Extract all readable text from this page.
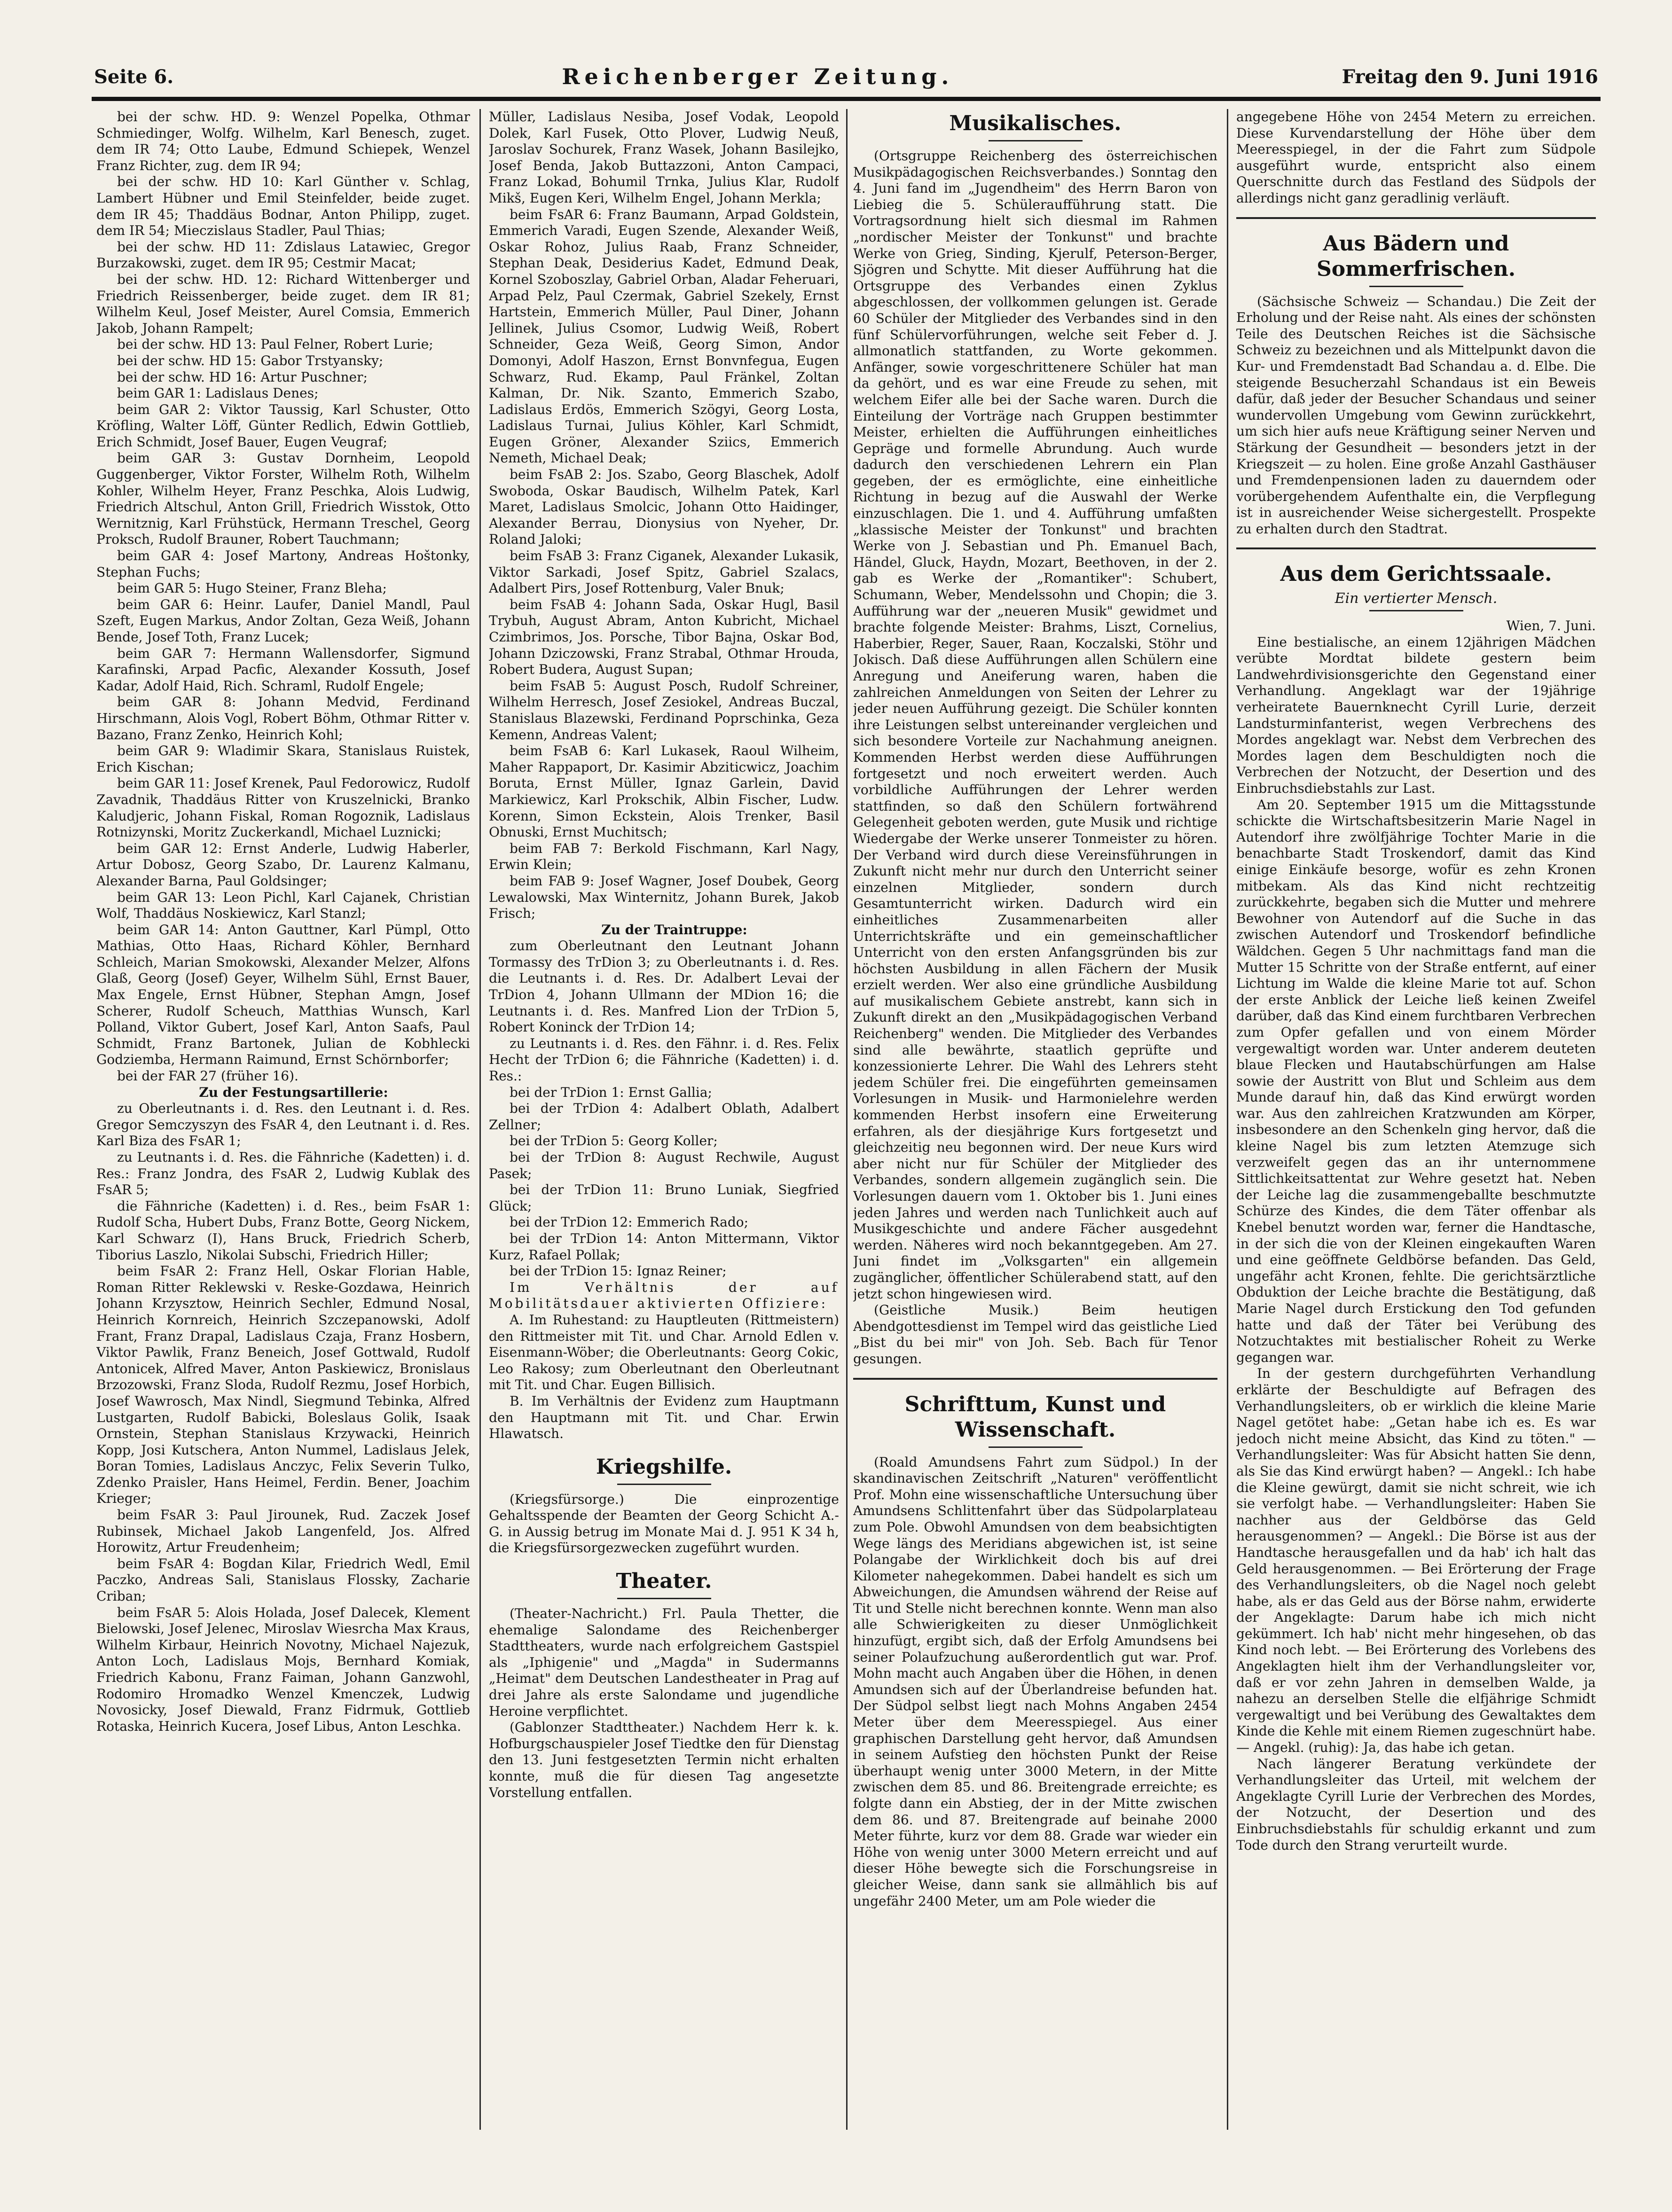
Seite 6.	Reichenberger Zeitung.	Freitag den 9. Juni 1916

bei der schw. HD. 9: Wenzel Popelka, Othmar Schmiedinger, Wolfg. Wilhelm, Karl Benesch, zuget. dem IR 74; Otto Laube, Edmund Schiepek, Wenzel Franz Richter, zug. dem IR 94;

bei der schw. HD 10: Karl Günther v. Schlag, Lambert Hübner und Emil Steinfelder, beide zuget. dem IR 45; Thaddäus Bodnar, Anton Philipp, zuget. dem IR 54; Mieczislaus Stadler, Paul Thias;

bei der schw. HD 11: Zdislaus Latawiec, Gregor Burzakowski, zuget. dem IR 95; Cestmir Macat;

bei der schw. HD. 12: Richard Wittenberger und Friedrich Reissenberger, beide zuget. dem IR 81; Wilhelm Keul, Josef Meister, Aurel Comsia, Emmerich Jakob, Johann Rampelt;

bei der schw. HD 13: Paul Felner, Robert Lurie;

bei der schw. HD 15: Gabor Trstyansky;

bei der schw. HD 16: Artur Puschner;

beim GAR 1: Ladislaus Denes;

beim GAR 2: Viktor Taussig, Karl Schuster, Otto Kröfling, Walter Löff, Günter Redlich, Edwin Gottlieb, Erich Schmidt, Josef Bauer, Eugen Veugraf;

beim GAR 3: Gustav Dornheim, Leopold Guggenberger, Viktor Forster, Wilhelm Roth, Wilhelm Kohler, Wilhelm Heyer, Franz Peschka, Alois Ludwig, Friedrich Altschul, Anton Grill, Friedrich Wisstok, Otto Wernitznig, Karl Frühstück, Hermann Treschel, Georg Proksch, Rudolf Brauner, Robert Tauchmann;

beim GAR 4: Josef Martony, Andreas Hoštonky, Stephan Fuchs;

beim GAR 5: Hugo Steiner, Franz Bleha;

beim GAR 6: Heinr. Laufer, Daniel Mandl, Paul Szeft, Eugen Markus, Andor Zoltan, Geza Weiß, Johann Bende, Josef Toth, Franz Lucek;

beim GAR 7: Hermann Wallensdorfer, Sigmund Karafinski, Arpad Pacfic, Alexander Kossuth, Josef Kadar, Adolf Haid, Rich. Schraml, Rudolf Engele;

beim GAR 8: Johann Medvid, Ferdinand Hirschmann, Alois Vogl, Robert Böhm, Othmar Ritter v. Bazano, Franz Zenko, Heinrich Kohl;

beim GAR 9: Wladimir Skara, Stanislaus Ruistek, Erich Kischan;

beim GAR 11: Josef Krenek, Paul Fedorowicz, Rudolf Zavadnik, Thaddäus Ritter von Kruszelnicki, Branko Kaludjeric, Johann Fiskal, Roman Rogoznik, Ladislaus Rotnizynski, Moritz Zuckerkandl, Michael Luznicki;

beim GAR 12: Ernst Anderle, Ludwig Haberler, Artur Dobosz, Georg Szabo, Dr. Laurenz Kalmanu, Alexander Barna, Paul Goldsinger;

beim GAR 13: Leon Pichl, Karl Cajanek, Christian Wolf, Thaddäus Noskiewicz, Karl Stanzl;

beim GAR 14: Anton Gauttner, Karl Pümpl, Otto Mathias, Otto Haas, Richard Köhler, Bernhard Schleich, Marian Smokowski, Alexander Melzer, Alfons Glaß, Georg (Josef) Geyer, Wilhelm Sühl, Ernst Bauer, Max Engele, Ernst Hübner, Stephan Amgn, Josef Scherer, Rudolf Scheuch, Matthias Wunsch, Karl Polland, Viktor Gubert, Josef Karl, Anton Saafs, Paul Schmidt, Franz Bartonek, Julian de Kobhlecki Godziemba, Hermann Raimund, Ernst Schörnborfer;

bei der FAR 27 (früher 16).

Zu der Festungsartillerie:

zu Oberleutnants i. d. Res. den Leutnant i. d. Res. Gregor Semczyszyn des FsAR 4, den Leutnant i. d. Res. Karl Biza des FsAR 1;

zu Leutnants i. d. Res. die Fähnriche (Kadetten) i. d. Res.: Franz Jondra, des FsAR 2, Ludwig Kublak des FsAR 5;

die Fähnriche (Kadetten) i. d. Res., beim FsAR 1: Rudolf Scha, Hubert Dubs, Franz Botte, Georg Nickem, Karl Schwarz (I), Hans Bruck, Friedrich Scherb, Tiborius Laszlo, Nikolai Subschi, Friedrich Hiller;

beim FsAR 2: Franz Hell, Oskar Florian Hable, Roman Ritter Reklewski v. Reske-Gozdawa, Heinrich Johann Krzysztow, Heinrich Sechler, Edmund Nosal, Heinrich Kornreich, Heinrich Szczepanowski, Adolf Frant, Franz Drapal, Ladislaus Czaja, Franz Hosbern, Viktor Pawlik, Franz Beneich, Josef Gottwald, Rudolf Antonicek, Alfred Maver, Anton Paskiewicz, Bronislaus Brzozowski, Franz Sloda, Rudolf Rezmu, Josef Horbich, Josef Wawrosch, Max Nindl, Siegmund Tebinka, Alfred Lustgarten, Rudolf Babicki, Boleslaus Golik, Isaak Ornstein, Stephan Stanislaus Krzywacki, Heinrich Kopp, Josi Kutschera, Anton Nummel, Ladislaus Jelek, Boran Tomies, Ladislaus Anczyc, Felix Severin Tulko, Zdenko Praisler, Hans Heimel, Ferdin. Bener, Joachim Krieger;

beim FsAR 3: Paul Jirounek, Rud. Zaczek Josef Rubinsek, Michael Jakob Langenfeld, Jos. Alfred Horowitz, Artur Freudenheim;

beim FsAR 4: Bogdan Kilar, Friedrich Wedl, Emil Paczko, Andreas Sali, Stanislaus Flossky, Zacharie Criban;

beim FsAR 5: Alois Holada, Josef Dalecek, Klement Bielowski, Josef Jelenec, Miroslav Wiesrcha Max Kraus, Wilhelm Kirbaur, Heinrich Novotny, Michael Najezuk, Anton Loch, Ladislaus Mojs, Bernhard Komiak, Friedrich Kabonu, Franz Faiman, Johann Ganzwohl, Rodomiro Hromadko Wenzel Kmenczek, Ludwig Novosicky, Josef Diewald, Franz Fidrmuk, Gottlieb Rotaska, Heinrich Kucera, Josef Libus, Anton Leschka.

Müller, Ladislaus Nesiba, Josef Vodak, Leopold Dolek, Karl Fusek, Otto Plover, Ludwig Neuß, Jaroslav Sochurek, Franz Wasek, Johann Basilejko, Josef Benda, Jakob Buttazzoni, Anton Campaci, Franz Lokad, Bohumil Trnka, Julius Klar, Rudolf Mikš, Eugen Keri, Wilhelm Engel, Johann Merkla;

beim FsAR 6: Franz Baumann, Arpad Goldstein, Emmerich Varadi, Eugen Szende, Alexander Weiß, Oskar Rohoz, Julius Raab, Franz Schneider, Stephan Deak, Desiderius Kadet, Edmund Deak, Kornel Szoboszlay, Gabriel Orban, Aladar Feheruari, Arpad Pelz, Paul Czermak, Gabriel Szekely, Ernst Hartstein, Emmerich Müller, Paul Diner, Johann Jellinek, Julius Csomor, Ludwig Weiß, Robert Schneider, Geza Weiß, Georg Simon, Andor Domonyi, Adolf Haszon, Ernst Bonvnfegua, Eugen Schwarz, Rud. Ekamp, Paul Fränkel, Zoltan Kalman, Dr. Nik. Szanto, Emmerich Szabo, Ladislaus Erdös, Emmerich Szögyi, Georg Losta, Ladislaus Turnai, Julius Köhler, Karl Schmidt, Eugen Gröner, Alexander Sziics, Emmerich Nemeth, Michael Deak;

beim FsAB 2: Jos. Szabo, Georg Blaschek, Adolf Swoboda, Oskar Baudisch, Wilhelm Patek, Karl Maret, Ladislaus Smolcic, Johann Otto Haidinger, Alexander Berrau, Dionysius von Nyeher, Dr. Roland Jaloki;

beim FsAB 3: Franz Ciganek, Alexander Lukasik, Viktor Sarkadi, Josef Spitz, Gabriel Szalacs, Adalbert Pirs, Josef Rottenburg, Valer Bnuk;

beim FsAB 4: Johann Sada, Oskar Hugl, Basil Trybuh, August Abram, Anton Kubricht, Michael Czimbrimos, Jos. Porsche, Tibor Bajna, Oskar Bod, Johann Dziczowski, Franz Strabal, Othmar Hrouda, Robert Budera, August Supan;

beim FsAB 5: August Posch, Rudolf Schreiner, Wilhelm Herresch, Josef Zesiokel, Andreas Buczal, Stanislaus Blazewski, Ferdinand Poprschinka, Geza Kemenn, Andreas Valent;

beim FsAB 6: Karl Lukasek, Raoul Wilheim, Maher Rappaport, Dr. Kasimir Abziticwicz, Joachim Boruta, Ernst Müller, Ignaz Garlein, David Markiewicz, Karl Prokschik, Albin Fischer, Ludw. Korenn, Simon Eckstein, Alois Trenker, Basil Obnuski, Ernst Muchitsch;

beim FAB 7: Berkold Fischmann, Karl Nagy, Erwin Klein;

beim FAB 9: Josef Wagner, Josef Doubek, Georg Lewalowski, Max Winternitz, Johann Burek, Jakob Frisch;

Zu der Traintruppe:

zum Oberleutnant den Leutnant Johann Tormassy des TrDion 3; zu Oberleutnants i. d. Res. die Leutnants i. d. Res. Dr. Adalbert Levai der TrDion 4, Johann Ullmann der MDion 16; die Leutnants i. d. Res. Manfred Lion der TrDion 5, Robert Koninck der TrDion 14;

zu Leutnants i. d. Res. den Fähnr. i. d. Res. Felix Hecht der TrDion 6; die Fähnriche (Kadetten) i. d. Res.:

bei der TrDion 1: Ernst Gallia;

bei der TrDion 4: Adalbert Oblath, Adalbert Zellner;

bei der TrDion 5: Georg Koller;

bei der TrDion 8: August Rechwile, August Pasek;

bei der TrDion 11: Bruno Luniak, Siegfried Glück;

bei der TrDion 12: Emmerich Rado;

bei der TrDion 14: Anton Mittermann, Viktor Kurz, Rafael Pollak;

bei der TrDion 15: Ignaz Reiner;

Im Verhältnis der auf Mobilitätsdauer aktivierten Offiziere:

A. Im Ruhestand: zu Hauptleuten (Rittmeistern) den Rittmeister mit Tit. und Char. Arnold Edlen v. Eisenmann-Wöber; die Oberleutnants: Georg Cokic, Leo Rakosy; zum Oberleutnant den Oberleutnant mit Tit. und Char. Eugen Billisich.

B. Im Verhältnis der Evidenz zum Hauptmann den Hauptmann mit Tit. und Char. Erwin Hlawatsch.

Kriegshilfe.

(Kriegsfürsorge.) Die einprozentige Gehaltsspende der Beamten der Georg Schicht A.-G. in Aussig betrug im Monate Mai d. J. 951 K 34 h, die Kriegsfürsorgezwecken zugeführt wurden.

Theater.

(Theater-Nachricht.) Frl. Paula Thetter, die ehemalige Salondame des Reichenberger Stadttheaters, wurde nach erfolgreichem Gastspiel als „Iphigenie" und „Magda" in Sudermanns „Heimat" dem Deutschen Landestheater in Prag auf drei Jahre als erste Salondame und jugendliche Heroine verpflichtet.

(Gablonzer Stadttheater.) Nachdem Herr k. k. Hofburgschauspieler Josef Tiedtke den für Dienstag den 13. Juni festgesetzten Termin nicht erhalten konnte, muß die für diesen Tag angesetzte Vorstellung entfallen.

Musikalisches.

(Ortsgruppe Reichenberg des österreichischen Musikpädagogischen Reichsverbandes.) Sonntag den 4. Juni fand im „Jugendheim" des Herrn Baron von Liebieg die 5. Schüleraufführung statt. Die Vortragsordnung hielt sich diesmal im Rahmen „nordischer Meister der Tonkunst" und brachte Werke von Grieg, Sinding, Kjerulf, Peterson-Berger, Sjögren und Schytte. Mit dieser Aufführung hat die Ortsgruppe des Verbandes einen Zyklus abgeschlossen, der vollkommen gelungen ist. Gerade 60 Schüler der Mitglieder des Verbandes sind in den fünf Schülervorführungen, welche seit Feber d. J. allmonatlich stattfanden, zu Worte gekommen. Anfänger, sowie vorgeschrittenere Schüler hat man da gehört, und es war eine Freude zu sehen, mit welchem Eifer alle bei der Sache waren. Durch die Einteilung der Vorträge nach Gruppen bestimmter Meister, erhielten die Aufführungen einheitliches Gepräge und formelle Abrundung. Auch wurde dadurch den verschiedenen Lehrern ein Plan gegeben, der es ermöglichte, eine einheitliche Richtung in bezug auf die Auswahl der Werke einzuschlagen. Die 1. und 4. Aufführung umfaßten „klassische Meister der Tonkunst" und brachten Werke von J. Sebastian und Ph. Emanuel Bach, Händel, Gluck, Haydn, Mozart, Beethoven, in der 2. gab es Werke der „Romantiker": Schubert, Schumann, Weber, Mendelssohn und Chopin; die 3. Aufführung war der „neueren Musik" gewidmet und brachte folgende Meister: Brahms, Liszt, Cornelius, Haberbier, Reger, Sauer, Raan, Koczalski, Stöhr und Jokisch. Daß diese Aufführungen allen Schülern eine Anregung und Aneiferung waren, haben die zahlreichen Anmeldungen von Seiten der Lehrer zu jeder neuen Aufführung gezeigt. Die Schüler konnten ihre Leistungen selbst untereinander vergleichen und sich besondere Vorteile zur Nachahmung aneignen. Kommenden Herbst werden diese Aufführungen fortgesetzt und noch erweitert werden. Auch vorbildliche Aufführungen der Lehrer werden stattfinden, so daß den Schülern fortwährend Gelegenheit geboten werden, gute Musik und richtige Wiedergabe der Werke unserer Tonmeister zu hören. Der Verband wird durch diese Vereinsführungen in Zukunft nicht mehr nur durch den Unterricht seiner einzelnen Mitglieder, sondern durch Gesamtunterricht wirken. Dadurch wird ein einheitliches Zusammenarbeiten aller Unterrichtskräfte und ein gemeinschaftlicher Unterricht von den ersten Anfangsgründen bis zur höchsten Ausbildung in allen Fächern der Musik erzielt werden. Wer also eine gründliche Ausbildung auf musikalischem Gebiete anstrebt, kann sich in Zukunft direkt an den „Musikpädagogischen Verband Reichenberg" wenden. Die Mitglieder des Verbandes sind alle bewährte, staatlich geprüfte und konzessionierte Lehrer. Die Wahl des Lehrers steht jedem Schüler frei. Die eingeführten gemeinsamen Vorlesungen in Musik- und Harmonielehre werden kommenden Herbst insofern eine Erweiterung erfahren, als der diesjährige Kurs fortgesetzt und gleichzeitig neu begonnen wird. Der neue Kurs wird aber nicht nur für Schüler der Mitglieder des Verbandes, sondern allgemein zugänglich sein. Die Vorlesungen dauern vom 1. Oktober bis 1. Juni eines jeden Jahres und werden nach Tunlichkeit auch auf Musikgeschichte und andere Fächer ausgedehnt werden. Näheres wird noch bekanntgegeben. Am 27. Juni findet im „Volksgarten" ein allgemein zugänglicher, öffentlicher Schülerabend statt, auf den jetzt schon hingewiesen wird.

(Geistliche Musik.) Beim heutigen Abendgottesdienst im Tempel wird das geistliche Lied „Bist du bei mir" von Joh. Seb. Bach für Tenor gesungen.

Schrifttum, Kunst und Wissenschaft.

(Roald Amundsens Fahrt zum Südpol.) In der skandinavischen Zeitschrift „Naturen" veröffentlicht Prof. Mohn eine wissenschaftliche Untersuchung über Amundsens Schlittenfahrt über das Südpolarplateau zum Pole. Obwohl Amundsen von dem beabsichtigten Wege längs des Meridians abgewichen ist, ist seine Polangabe der Wirklichkeit doch bis auf drei Kilometer nahegekommen. Dabei handelt es sich um Abweichungen, die Amundsen während der Reise auf Tit und Stelle nicht berechnen konnte. Wenn man also alle Schwierigkeiten zu dieser Unmöglichkeit hinzufügt, ergibt sich, daß der Erfolg Amundsens bei seiner Polaufzuchung außerordentlich gut war. Prof. Mohn macht auch Angaben über die Höhen, in denen Amundsen sich auf der Überlandreise befunden hat. Der Südpol selbst liegt nach Mohns Angaben 2454 Meter über dem Meeresspiegel. Aus einer graphischen Darstellung geht hervor, daß Amundsen in seinem Aufstieg den höchsten Punkt der Reise überhaupt wenig unter 3000 Metern, in der Mitte zwischen dem 85. und 86. Breitengrade erreichte; es folgte dann ein Abstieg, der in der Mitte zwischen dem 86. und 87. Breitengrade auf beinahe 2000 Meter führte, kurz vor dem 88. Grade war wieder ein Höhe von wenig unter 3000 Metern erreicht und auf dieser Höhe bewegte sich die Forschungsreise in gleicher Weise, dann sank sie allmählich bis auf ungefähr 2400 Meter, um am Pole wieder die

angegebene Höhe von 2454 Metern zu erreichen. Diese Kurvendarstellung der Höhe über dem Meeresspiegel, in der die Fahrt zum Südpole ausgeführt wurde, entspricht also einem Querschnitte durch das Festland des Südpols der allerdings nicht ganz geradlinig verläuft.

Aus Bädern und Sommerfrischen.

(Sächsische Schweiz — Schandau.) Die Zeit der Erholung und der Reise naht. Als eines der schönsten Teile des Deutschen Reiches ist die Sächsische Schweiz zu bezeichnen und als Mittelpunkt davon die Kur- und Fremdenstadt Bad Schandau a. d. Elbe. Die steigende Besucherzahl Schandaus ist ein Beweis dafür, daß jeder der Besucher Schandaus und seiner wundervollen Umgebung vom Gewinn zurückkehrt, um sich hier aufs neue Kräftigung seiner Nerven und Stärkung der Gesundheit — besonders jetzt in der Kriegszeit — zu holen. Eine große Anzahl Gasthäuser und Fremdenpensionen laden zu dauerndem oder vorübergehendem Aufenthalte ein, die Verpflegung ist in ausreichender Weise sichergestellt. Prospekte zu erhalten durch den Stadtrat.

Aus dem Gerichtssaale.
Ein vertierter Mensch.

Wien, 7. Juni.

Eine bestialische, an einem 12jährigen Mädchen verübte Mordtat bildete gestern beim Landwehrdivisionsgerichte den Gegenstand einer Verhandlung. Angeklagt war der 19jährige verheiratete Bauernknecht Cyrill Lurie, derzeit Landsturminfanterist, wegen Verbrechens des Mordes angeklagt war. Nebst dem Verbrechen des Mordes lagen dem Beschuldigten noch die Verbrechen der Notzucht, der Desertion und des Einbruchsdiebstahls zur Last.

Am 20. September 1915 um die Mittagsstunde schickte die Wirtschaftsbesitzerin Marie Nagel in Autendorf ihre zwölfjährige Tochter Marie in die benachbarte Stadt Troskendorf, damit das Kind einige Einkäufe besorge, wofür es zehn Kronen mitbekam. Als das Kind nicht rechtzeitig zurückkehrte, begaben sich die Mutter und mehrere Bewohner von Autendorf auf die Suche in das zwischen Autendorf und Troskendorf befindliche Wäldchen. Gegen 5 Uhr nachmittags fand man die Mutter 15 Schritte von der Straße entfernt, auf einer Lichtung im Walde die kleine Marie tot auf. Schon der erste Anblick der Leiche ließ keinen Zweifel darüber, daß das Kind einem furchtbaren Verbrechen zum Opfer gefallen und von einem Mörder vergewaltigt worden war. Unter anderem deuteten blaue Flecken und Hautabschürfungen am Halse sowie der Austritt von Blut und Schleim aus dem Munde darauf hin, daß das Kind erwürgt worden war. Aus den zahlreichen Kratzwunden am Körper, insbesondere an den Schenkeln ging hervor, daß die kleine Nagel bis zum letzten Atemzuge sich verzweifelt gegen das an ihr unternommene Sittlichkeitsattentat zur Wehre gesetzt hat. Neben der Leiche lag die zusammengeballte beschmutzte Schürze des Kindes, die dem Täter offenbar als Knebel benutzt worden war, ferner die Handtasche, in der sich die von der Kleinen eingekauften Waren und eine geöffnete Geldbörse befanden. Das Geld, ungefähr acht Kronen, fehlte. Die gerichtsärztliche Obduktion der Leiche brachte die Bestätigung, daß Marie Nagel durch Erstickung den Tod gefunden hatte und daß der Täter bei Verübung des Notzuchtaktes mit bestialischer Roheit zu Werke gegangen war.

In der gestern durchgeführten Verhandlung erklärte der Beschuldigte auf Befragen des Verhandlungsleiters, ob er wirklich die kleine Marie Nagel getötet habe: „Getan habe ich es. Es war jedoch nicht meine Absicht, das Kind zu töten." — Verhandlungsleiter: Was für Absicht hatten Sie denn, als Sie das Kind erwürgt haben? — Angekl.: Ich habe die Kleine gewürgt, damit sie nicht schreit, wie ich sie verfolgt habe. — Verhandlungsleiter: Haben Sie nachher aus der Geldbörse das Geld herausgenommen? — Angekl.: Die Börse ist aus der Handtasche herausgefallen und da hab' ich halt das Geld herausgenommen. — Bei Erörterung der Frage des Verhandlungsleiters, ob die Nagel noch gelebt habe, als er das Geld aus der Börse nahm, erwiderte der Angeklagte: Darum habe ich mich nicht gekümmert. Ich hab' nicht mehr hingesehen, ob das Kind noch lebt. — Bei Erörterung des Vorlebens des Angeklagten hielt ihm der Verhandlungsleiter vor, daß er vor zehn Jahren in demselben Walde, ja nahezu an derselben Stelle die elfjährige Schmidt vergewaltigt und bei Verübung des Gewaltaktes dem Kinde die Kehle mit einem Riemen zugeschnürt habe. — Angekl. (ruhig): Ja, das habe ich getan.

Nach längerer Beratung verkündete der Verhandlungsleiter das Urteil, mit welchem der Angeklagte Cyrill Lurie der Verbrechen des Mordes, der Notzucht, der Desertion und des Einbruchsdiebstahls für schuldig erkannt und zum Tode durch den Strang verurteilt wurde.
